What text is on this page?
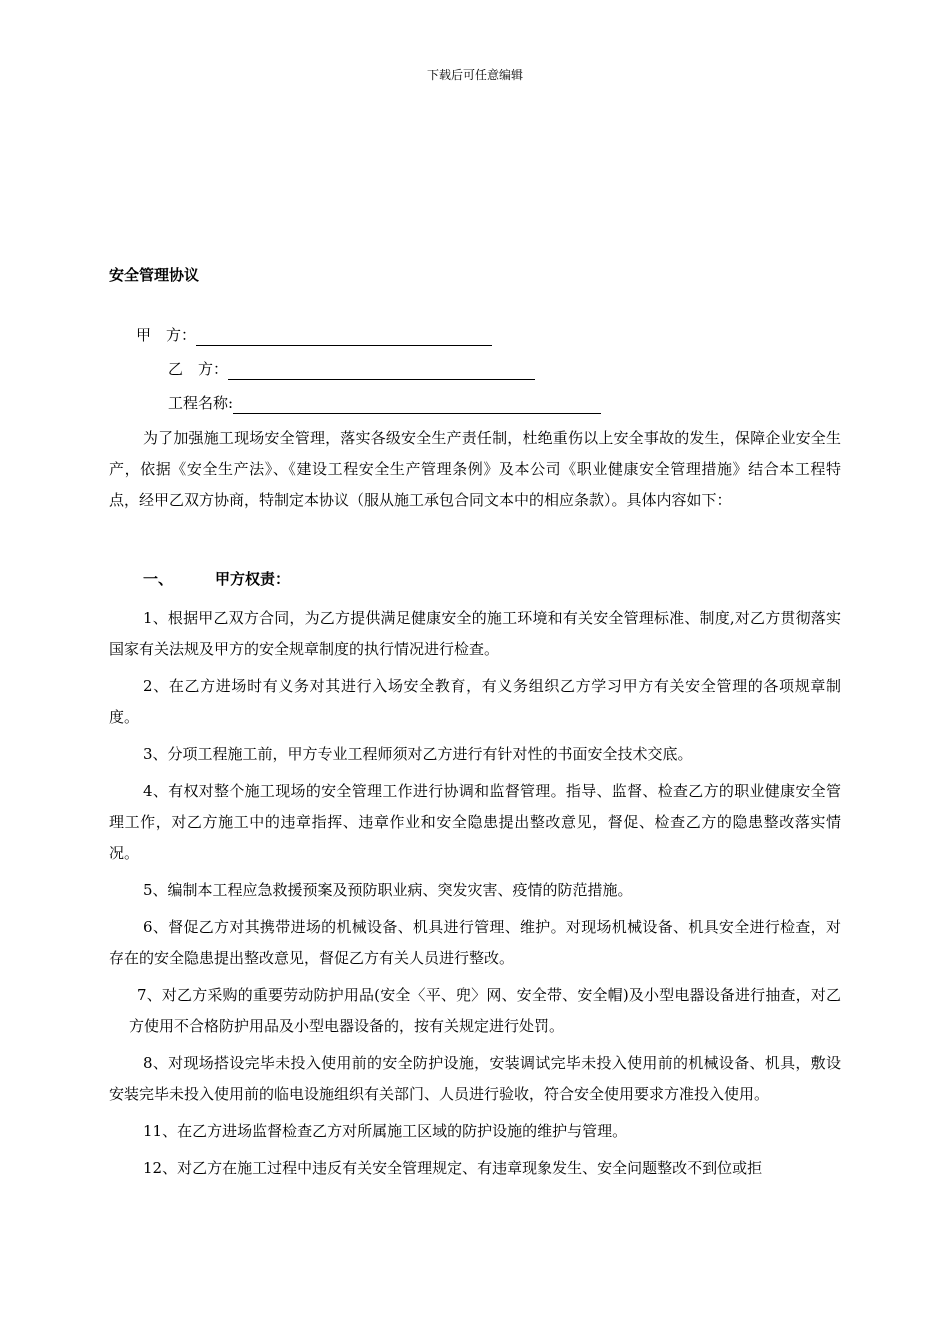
下载后可任意编辑
安全管理协议
甲　方：
乙　方：
工程名称:

为了加强施工现场安全管理，落实各级安全生产责任制，杜绝重伤以上安全事故的发生，保障企业安全生产，依据《安全生产法》、《建设工程安全生产管理条例》及本公司《职业健康安全管理措施》结合本工程特点，经甲乙双方协商，特制定本协议（服从施工承包合同文本中的相应条款）。具体内容如下：

一、	甲方权责：

1、根据甲乙双方合同，为乙方提供满足健康安全的施工环境和有关安全管理标准、制度,对乙方贯彻落实国家有关法规及甲方的安全规章制度的执行情况进行检查。

2、在乙方进场时有义务对其进行入场安全教育，有义务组织乙方学习甲方有关安全管理的各项规章制度。

3、分项工程施工前，甲方专业工程师须对乙方进行有针对性的书面安全技术交底。

4、有权对整个施工现场的安全管理工作进行协调和监督管理。指导、监督、检查乙方的职业健康安全管理工作，对乙方施工中的违章指挥、违章作业和安全隐患提出整改意见，督促、检查乙方的隐患整改落实情况。

5、编制本工程应急救援预案及预防职业病、突发灾害、疫情的防范措施。

6、督促乙方对其携带进场的机械设备、机具进行管理、维护。对现场机械设备、机具安全进行检查，对存在的安全隐患提出整改意见，督促乙方有关人员进行整改。

7、对乙方采购的重要劳动防护用品(安全〈平、兜〉网、安全带、安全帽)及小型电器设备进行抽查，对乙方使用不合格防护用品及小型电器设备的，按有关规定进行处罚。

8、对现场搭设完毕未投入使用前的安全防护设施，安装调试完毕未投入使用前的机械设备、机具，敷设安装完毕未投入使用前的临电设施组织有关部门、人员进行验收，符合安全使用要求方准投入使用。

11、在乙方进场监督检查乙方对所属施工区域的防护设施的维护与管理。

12、对乙方在施工过程中违反有关安全管理规定、有违章现象发生、安全问题整改不到位或拒
